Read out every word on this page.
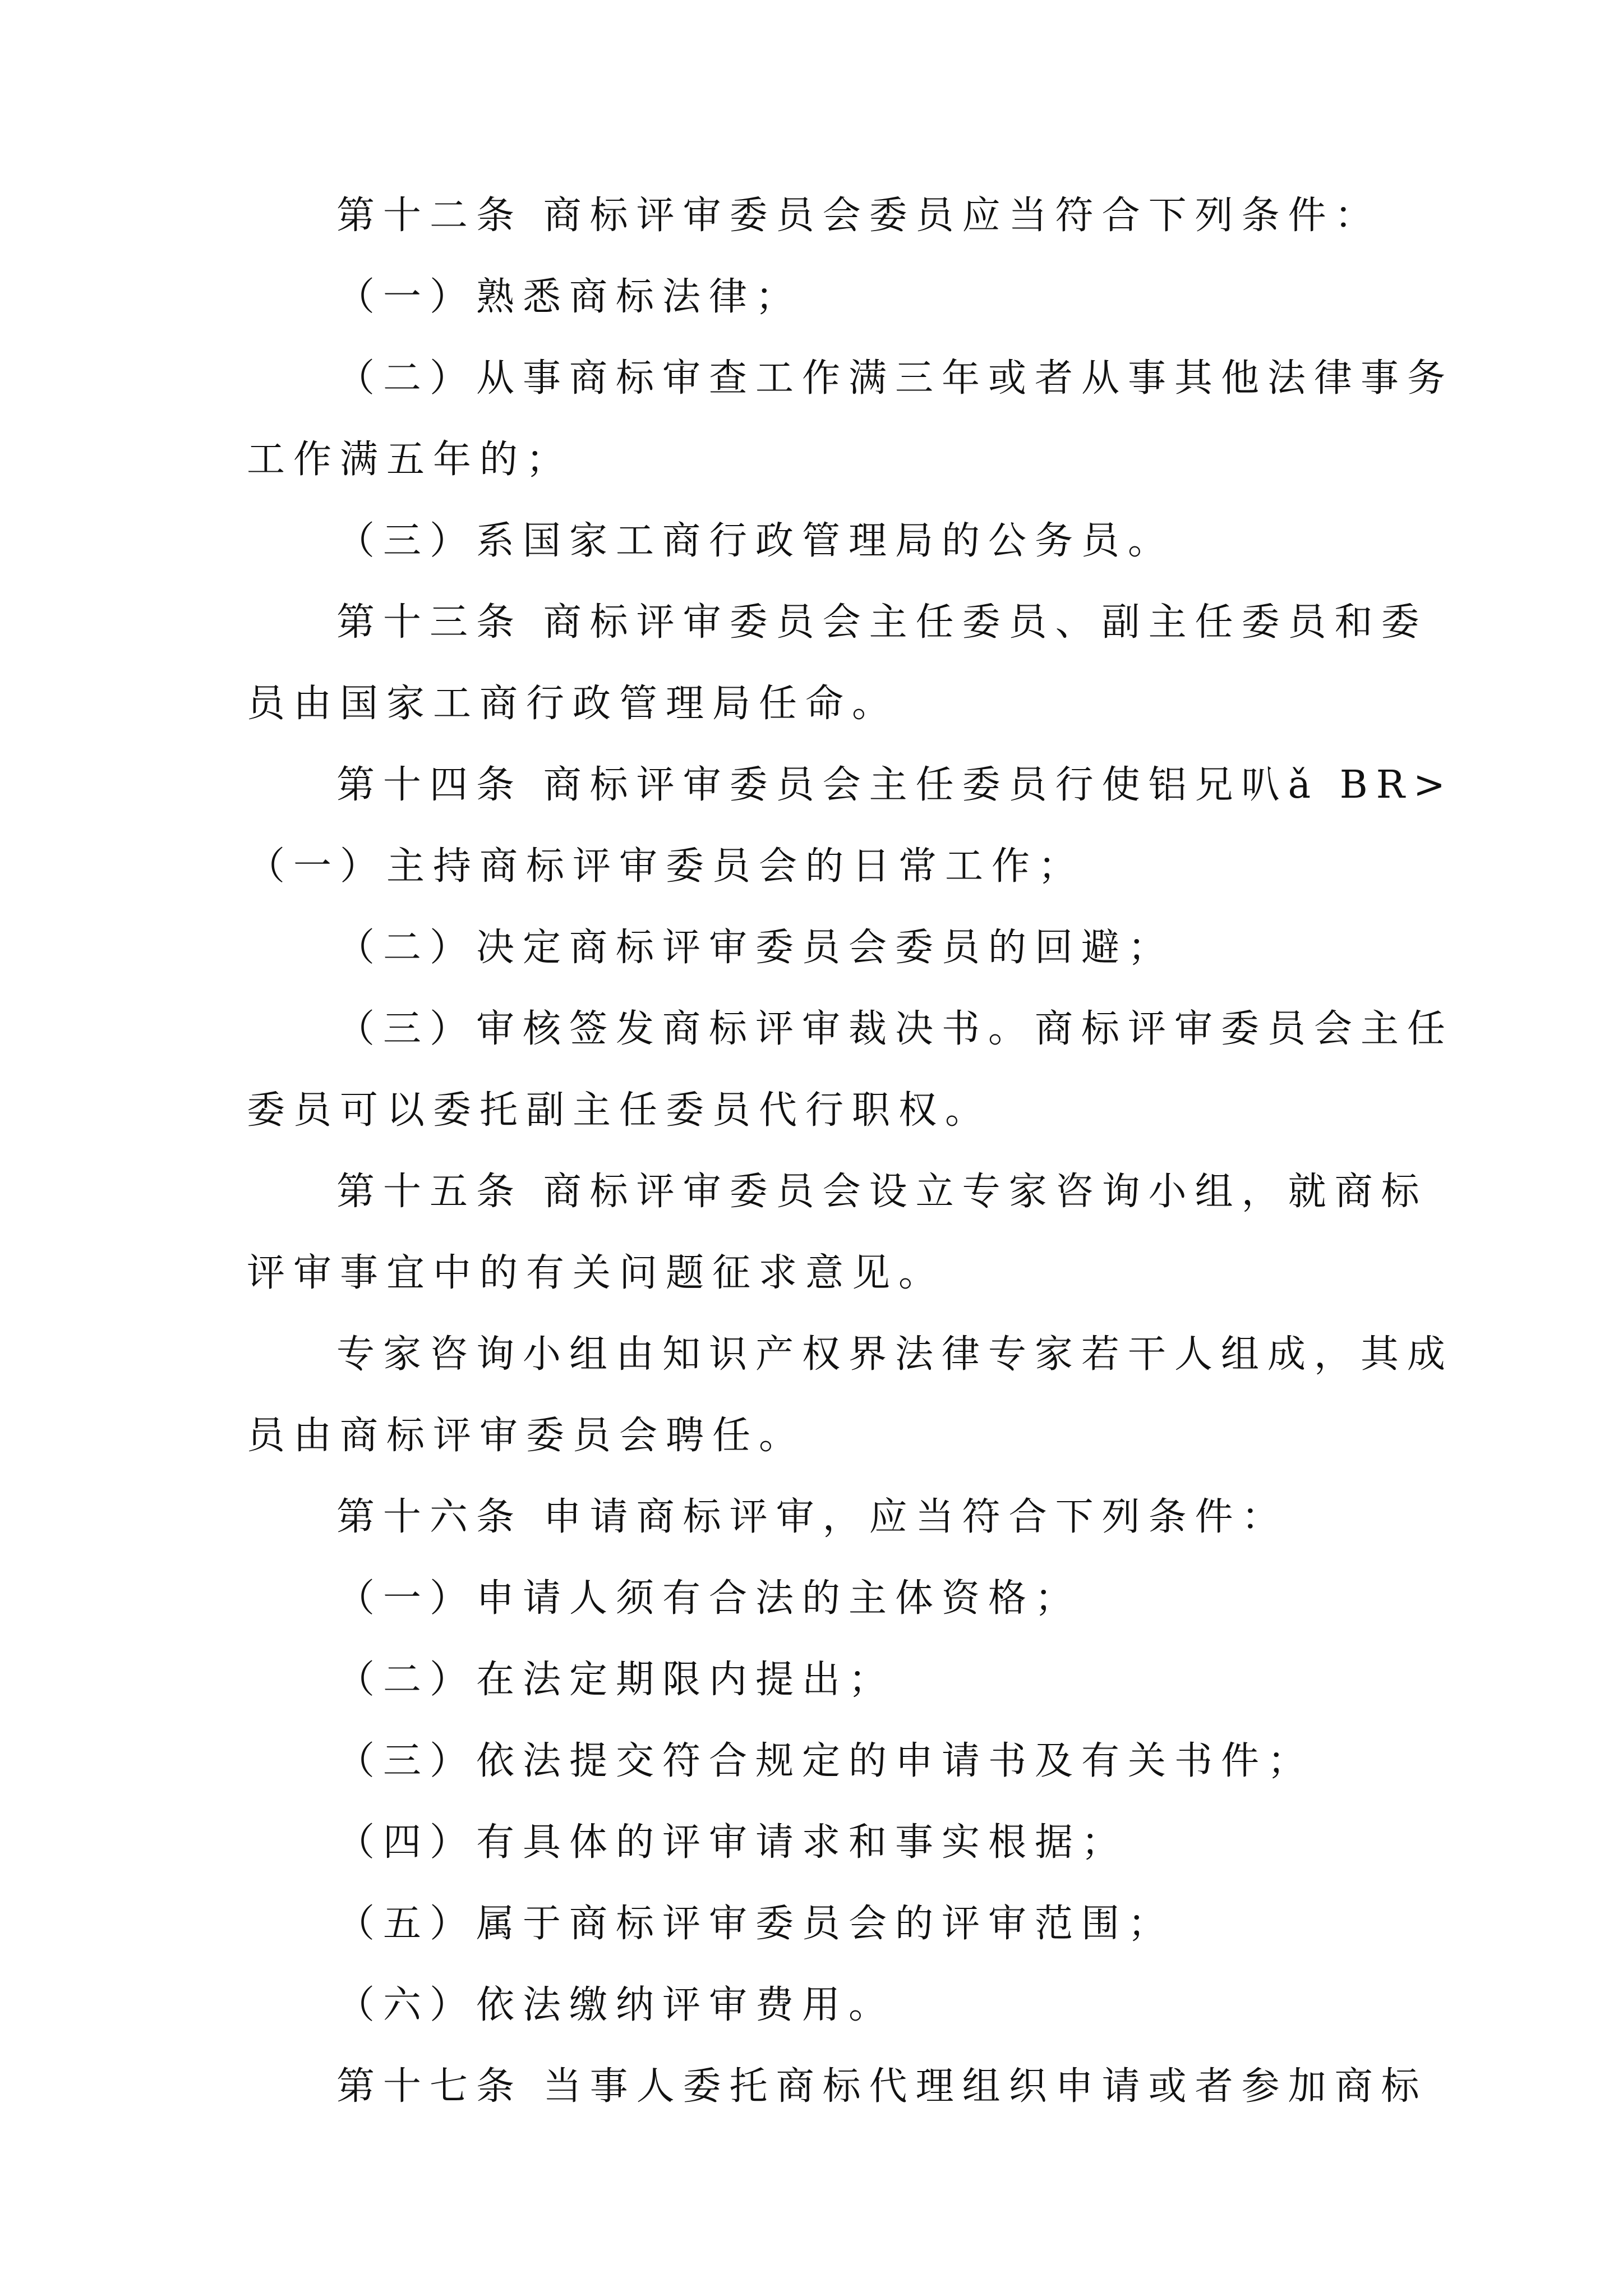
第十二条 商标评审委员会委员应当符合下列条件：
（一）熟悉商标法律；
（二）从事商标审查工作满三年或者从事其他法律事务
工作满五年的；
（三）系国家工商行政管理局的公务员。
第十三条 商标评审委员会主任委员、副主任委员和委
员由国家工商行政管理局任命。
第十四条 商标评审委员会主任委员行使铝兄叭ǎ BR>
（一）主持商标评审委员会的日常工作；
（二）决定商标评审委员会委员的回避；
（三）审核签发商标评审裁决书。商标评审委员会主任
委员可以委托副主任委员代行职权。
第十五条 商标评审委员会设立专家咨询小组，就商标
评审事宜中的有关问题征求意见。
专家咨询小组由知识产权界法律专家若干人组成，其成
员由商标评审委员会聘任。
第十六条 申请商标评审，应当符合下列条件：
（一）申请人须有合法的主体资格；
（二）在法定期限内提出；
（三）依法提交符合规定的申请书及有关书件；
（四）有具体的评审请求和事实根据；
（五）属于商标评审委员会的评审范围；
（六）依法缴纳评审费用。
第十七条 当事人委托商标代理组织申请或者参加商标
